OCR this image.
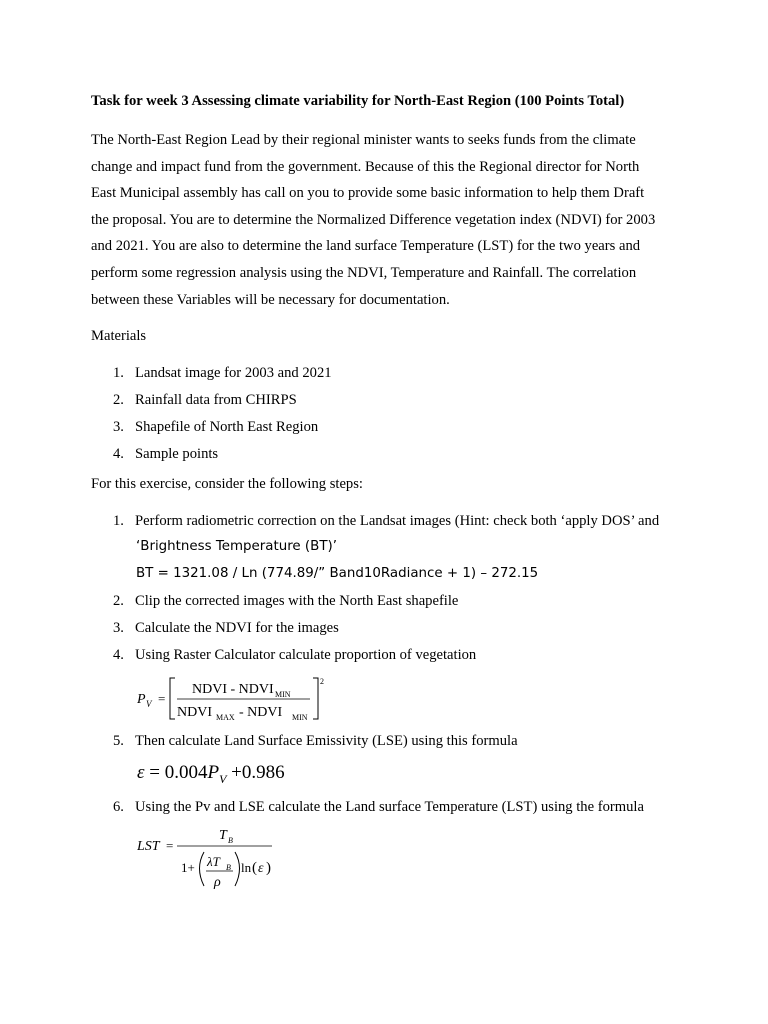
Task for week 3 Assessing climate variability for North-East Region (100 Points Total)

The North-East Region Lead by their regional minister wants to seeks funds from the climate

change and impact fund from the government. Because of this the Regional director for North

East Municipal assembly has call on you to provide some basic information to help them Draft

the proposal. You are to determine the Normalized Difference vegetation index (NDVI) for 2003

and 2021. You are also to determine the land surface Temperature (LST) for the two years and

perform some regression analysis using the NDVI, Temperature and Rainfall. The correlation

between these Variables will be necessary for documentation.

Materials
1. Landsat image for 2003 and 2021
2. Rainfall data from CHIRPS
3. Shapefile of North East Region
4. Sample points
For this exercise, consider the following steps:
1. Perform radiometric correction on the Landsat images (Hint: check both ‘apply DOS’ and
‘Brightness Temperature (BT)’
BT = 1321.08 / Ln (774.89/” Band10Radiance + 1) – 272.15
2. Clip the corrected images with the North East shapefile
3. Calculate the NDVI for the images
4. Using Raster Calculator calculate proportion of vegetation
P V =
2
NDVI - NDVI MIN
NDVI MAX - NDVI MIN
5. Then calculate Land Surface Emissivity (LSE) using this formula
$\varepsilon = 0.004P_V +0.986$
6. Using the Pv and LSE calculate the Land surface Temperature (LST) using the formula
LST =
T B
1+ λT B
ρ
ln ( ε )
